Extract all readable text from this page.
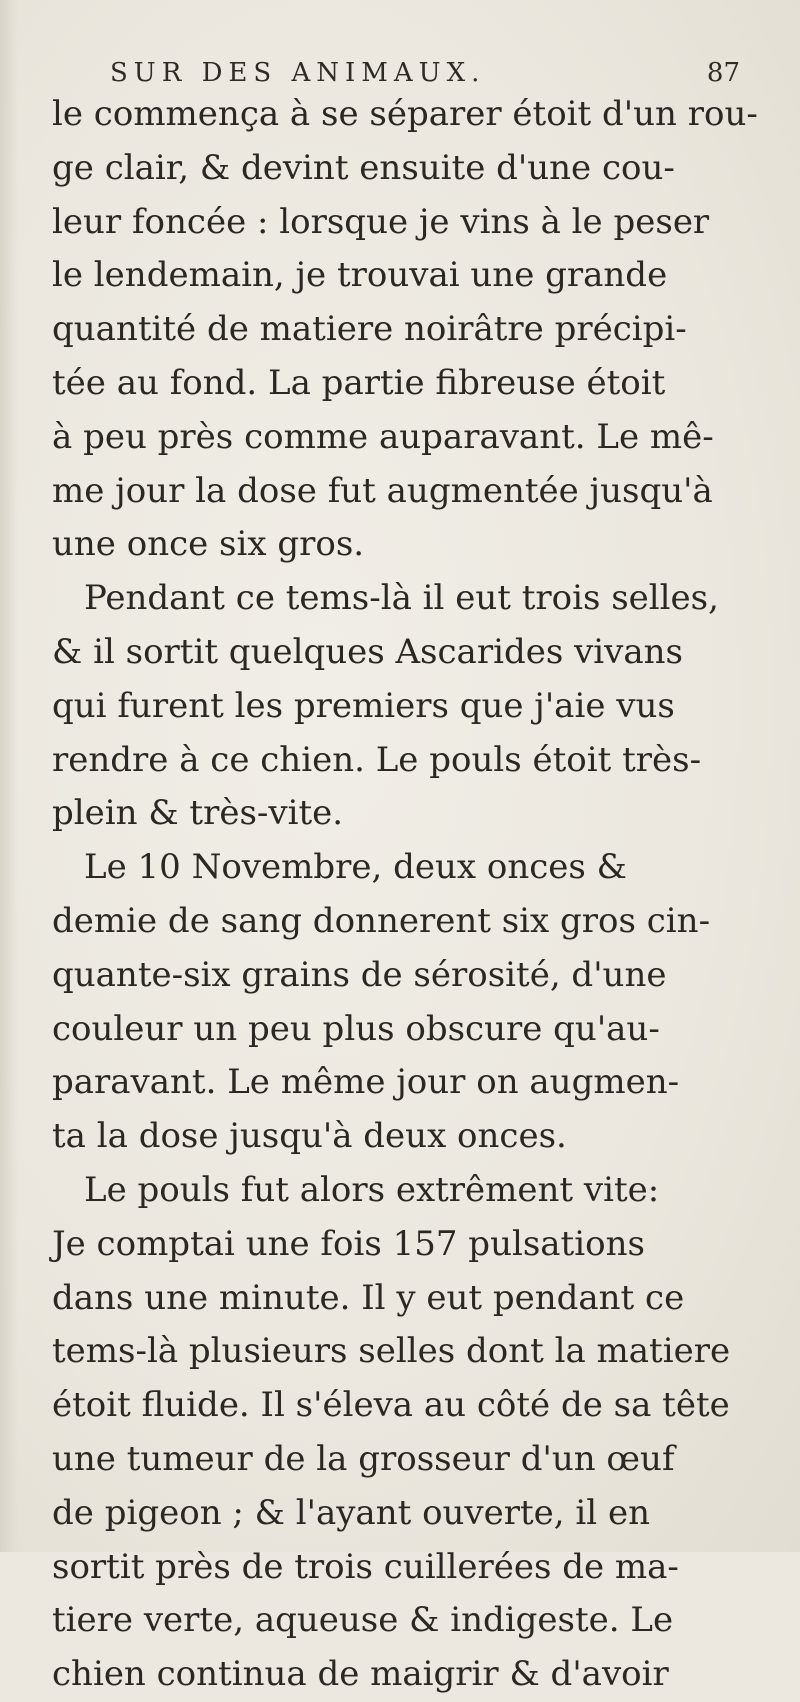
SUR DES ANIMAUX.	87
le commença à se séparer étoit d'un rou-
ge clair, & devint ensuite d'une cou-
leur foncée : lorsque je vins à le peser
le lendemain, je trouvai une grande
quantité de matiere noirâtre précipi-
tée au fond. La partie fibreuse étoit
à peu près comme auparavant. Le mê-
me jour la dose fut augmentée jusqu'à
une once six gros.
Pendant ce tems-là il eut trois selles,
& il sortit quelques Ascarides vivans
qui furent les premiers que j'aie vus
rendre à ce chien. Le pouls étoit très-
plein & très-vite.
Le 10 Novembre, deux onces &
demie de sang donnerent six gros cin-
quante-six grains de sérosité, d'une
couleur un peu plus obscure qu'au-
paravant. Le même jour on augmen-
ta la dose jusqu'à deux onces.
Le pouls fut alors extrêment vite:
Je comptai une fois 157 pulsations
dans une minute. Il y eut pendant ce
tems-là plusieurs selles dont la matiere
étoit fluide. Il s'éleva au côté de sa tête
une tumeur de la grosseur d'un œuf
de pigeon ; & l'ayant ouverte, il en
sortit près de trois cuillerées de ma-
tiere verte, aqueuse & indigeste. Le
chien continua de maigrir & d'avoir
